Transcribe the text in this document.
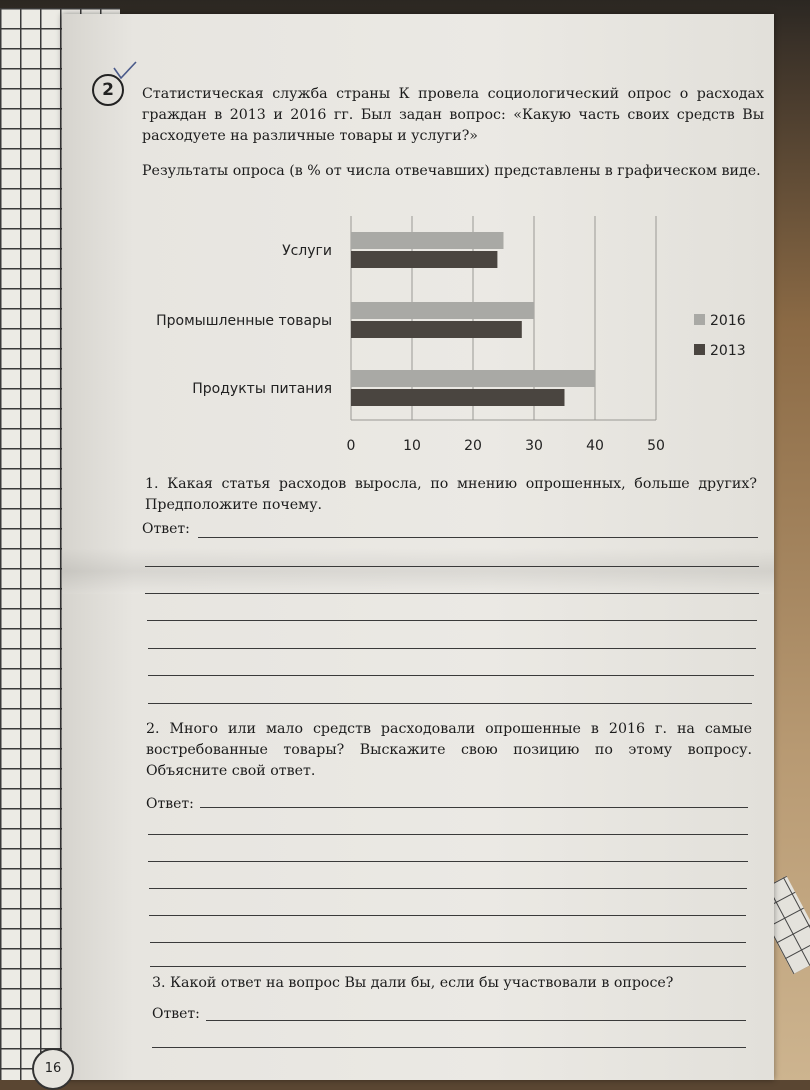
2	Статистическая служба страны К провела социологический опрос о расходах граждан в 2013 и 2016 гг. Был задан вопрос: «Какую часть своих средств Вы расходуете на различные товары и услуги?»
Результаты опроса (в % от числа отвечавших) представлены в графическом виде.
0	10	20	30	40	50
Услуги
Промышленные товары
Продукты питания
2016
2013
1. Какая статья расходов выросла, по мнению опрошенных, больше других? Предположите почему.
Ответ:
2. Много или мало средств расходовали опрошенные в 2016 г. на самые востребованные товары? Выскажите свою позицию по этому вопросу. Объясните свой ответ.
Ответ:
3. Какой ответ на вопрос Вы дали бы, если бы участвовали в опросе?
Ответ:
16
